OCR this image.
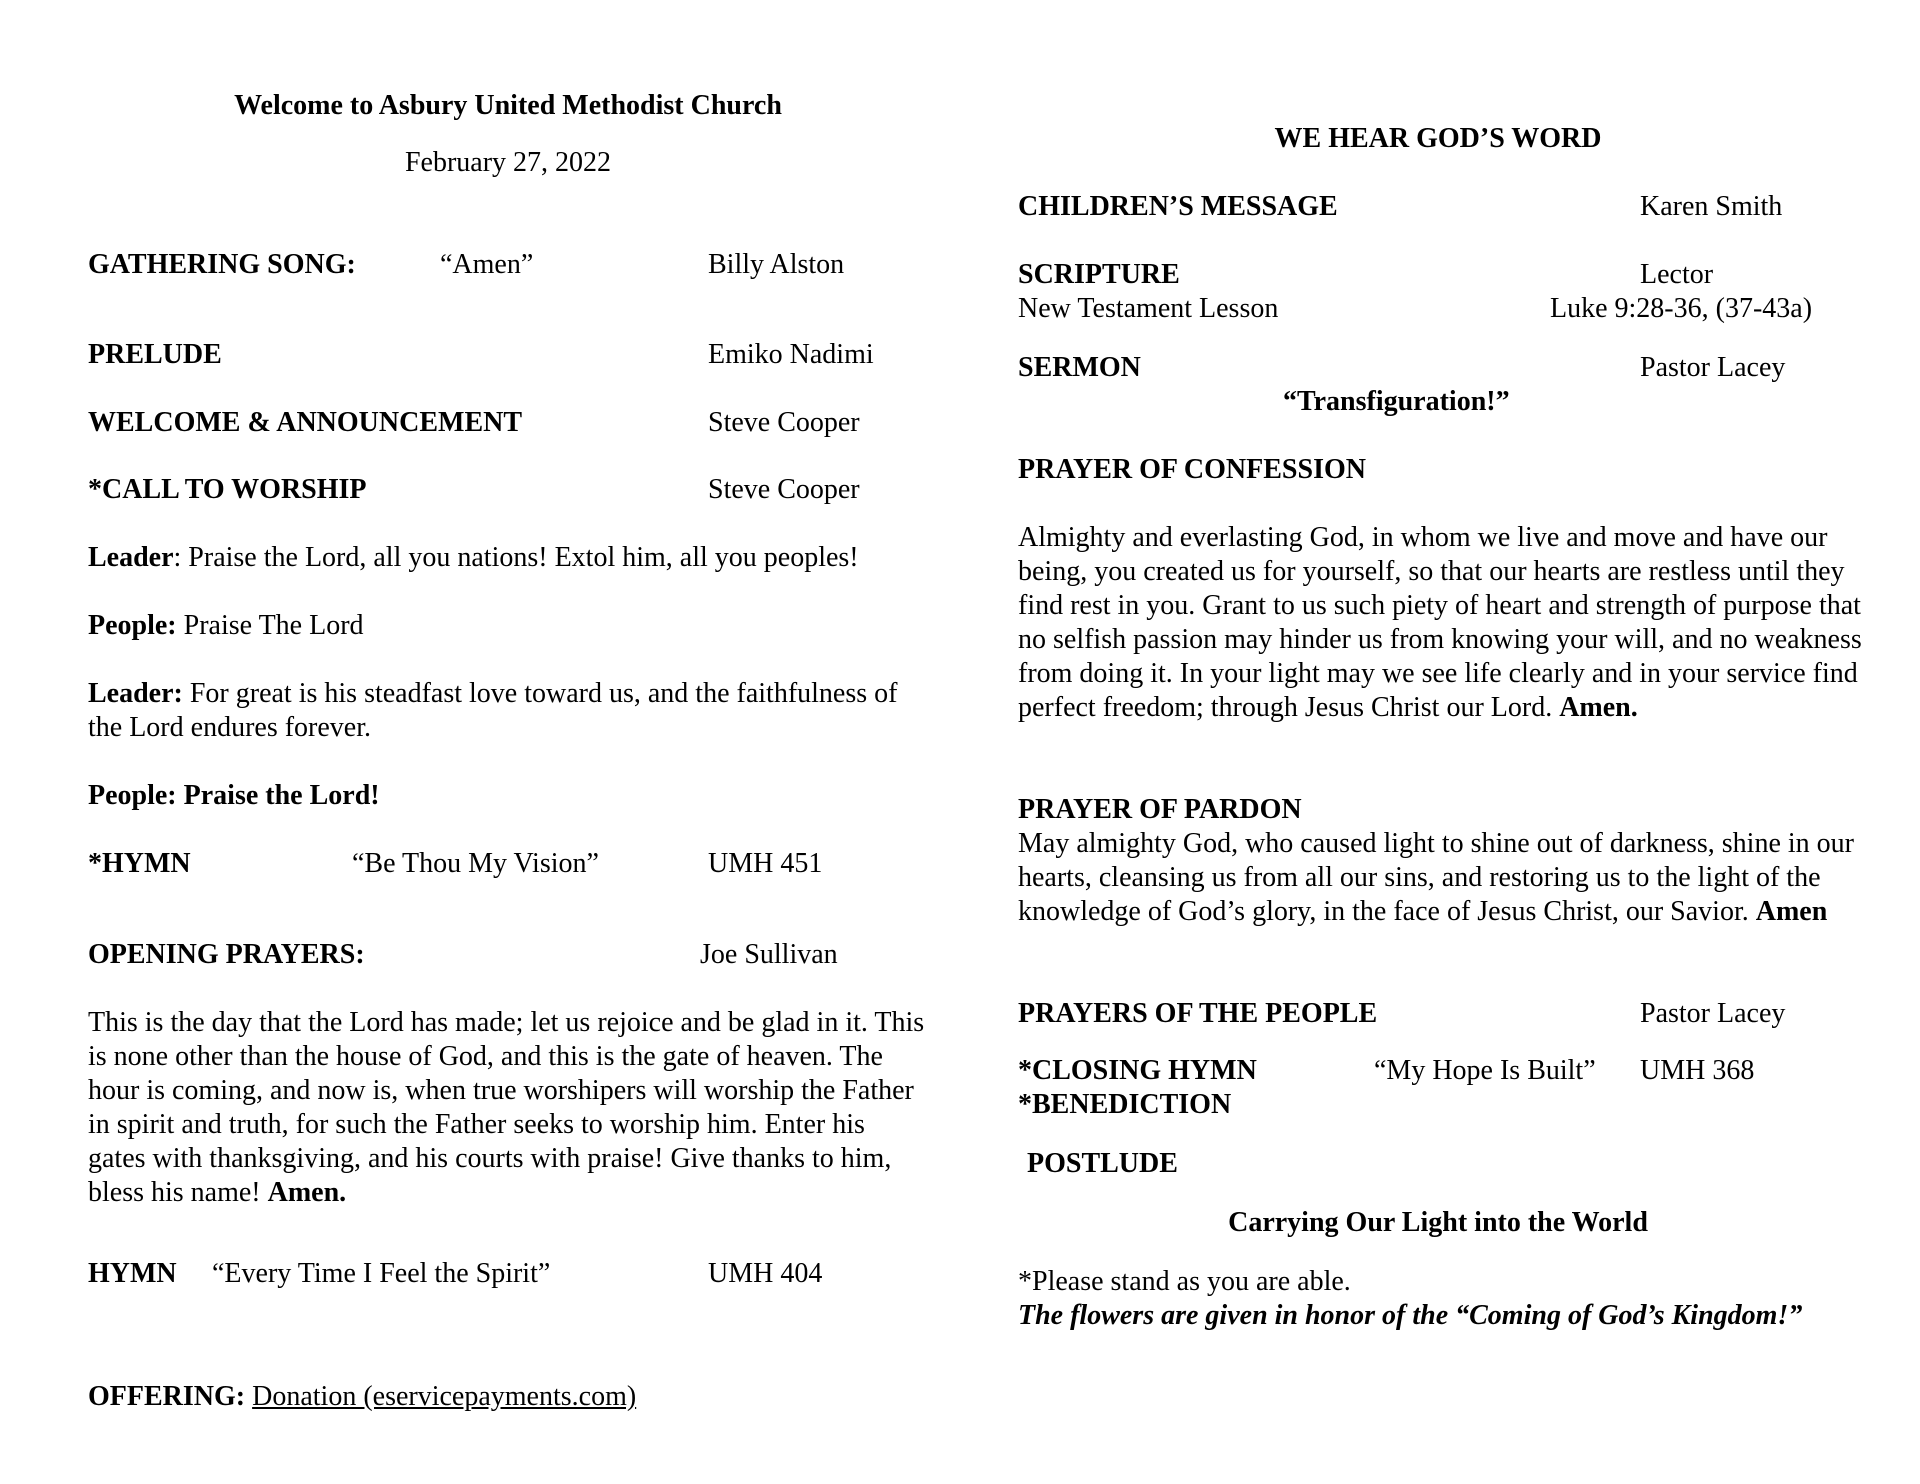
Welcome to Asbury United Methodist Church
February 27, 2022
GATHERING SONG:	“Amen”	Billy Alston
PRELUDE	Emiko Nadimi
WELCOME & ANNOUNCEMENT	Steve Cooper
*CALL TO WORSHIP	Steve Cooper
Leader: Praise the Lord, all you nations! Extol him, all you peoples!
People: Praise The Lord
Leader: For great is his steadfast love toward us, and the faithfulness of the Lord endures forever.
People: Praise the Lord!
*HYMN	“Be Thou My Vision”	UMH 451
OPENING PRAYERS:	Joe Sullivan
This is the day that the Lord has made; let us rejoice and be glad in it. This is none other than the house of God, and this is the gate of heaven. The hour is coming, and now is, when true worshipers will worship the Father in spirit and truth, for such the Father seeks to worship him. Enter his gates with thanksgiving, and his courts with praise! Give thanks to him, bless his name! Amen.
HYMN “Every Time I Feel the Spirit”	UMH 404
OFFERING: Donation (eservicepayments.com)
WE HEAR GOD’S WORD
CHILDREN’S MESSAGE	Karen Smith
SCRIPTURE	Lector
New Testament Lesson	Luke 9:28-36, (37-43a)
SERMON	Pastor Lacey
“Transfiguration!”
PRAYER OF CONFESSION
Almighty and everlasting God, in whom we live and move and have our being, you created us for yourself, so that our hearts are restless until they find rest in you. Grant to us such piety of heart and strength of purpose that no selfish passion may hinder us from knowing your will, and no weakness from doing it. In your light may we see life clearly and in your service find perfect freedom; through Jesus Christ our Lord. Amen.
PRAYER OF PARDON
May almighty God, who caused light to shine out of darkness, shine in our hearts, cleansing us from all our sins, and restoring us to the light of the knowledge of God’s glory, in the face of Jesus Christ, our Savior. Amen
PRAYERS OF THE PEOPLE	Pastor Lacey
*CLOSING HYMN	“My Hope Is Built” UMH 368
*BENEDICTION
POSTLUDE
Carrying Our Light into the World
*Please stand as you are able.
The flowers are given in honor of the “Coming of God’s Kingdom!”
